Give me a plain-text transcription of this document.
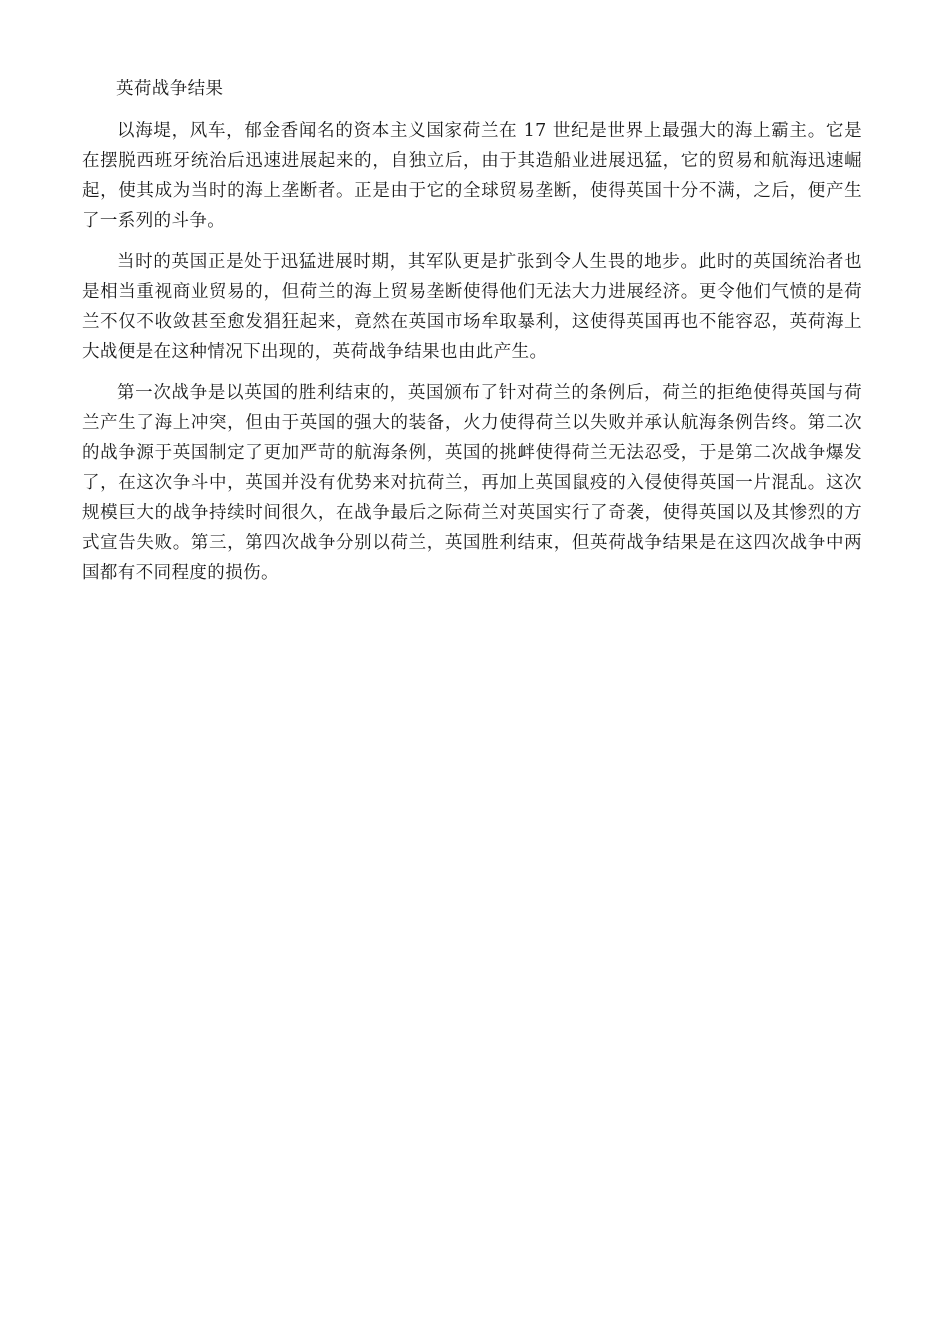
英荷战争结果

以海堤，风车，郁金香闻名的资本主义国家荷兰在 17 世纪是世界上最强大的海上霸主。它是在摆脱西班牙统治后迅速进展起来的，自独立后，由于其造船业进展迅猛，它的贸易和航海迅速崛起，使其成为当时的海上垄断者。正是由于它的全球贸易垄断，使得英国十分不满，之后，便产生了一系列的斗争。

当时的英国正是处于迅猛进展时期，其军队更是扩张到令人生畏的地步。此时的英国统治者也是相当重视商业贸易的，但荷兰的海上贸易垄断使得他们无法大力进展经济。更令他们气愤的是荷兰不仅不收敛甚至愈发猖狂起来，竟然在英国市场牟取暴利，这使得英国再也不能容忍，英荷海上大战便是在这种情况下出现的，英荷战争结果也由此产生。

第一次战争是以英国的胜利结束的，英国颁布了针对荷兰的条例后，荷兰的拒绝使得英国与荷兰产生了海上冲突，但由于英国的强大的装备，火力使得荷兰以失败并承认航海条例告终。第二次的战争源于英国制定了更加严苛的航海条例，英国的挑衅使得荷兰无法忍受，于是第二次战争爆发了，在这次争斗中，英国并没有优势来对抗荷兰，再加上英国鼠疫的入侵使得英国一片混乱。这次规模巨大的战争持续时间很久，在战争最后之际荷兰对英国实行了奇袭，使得英国以及其惨烈的方式宣告失败。第三，第四次战争分别以荷兰，英国胜利结束，但英荷战争结果是在这四次战争中两国都有不同程度的损伤。
